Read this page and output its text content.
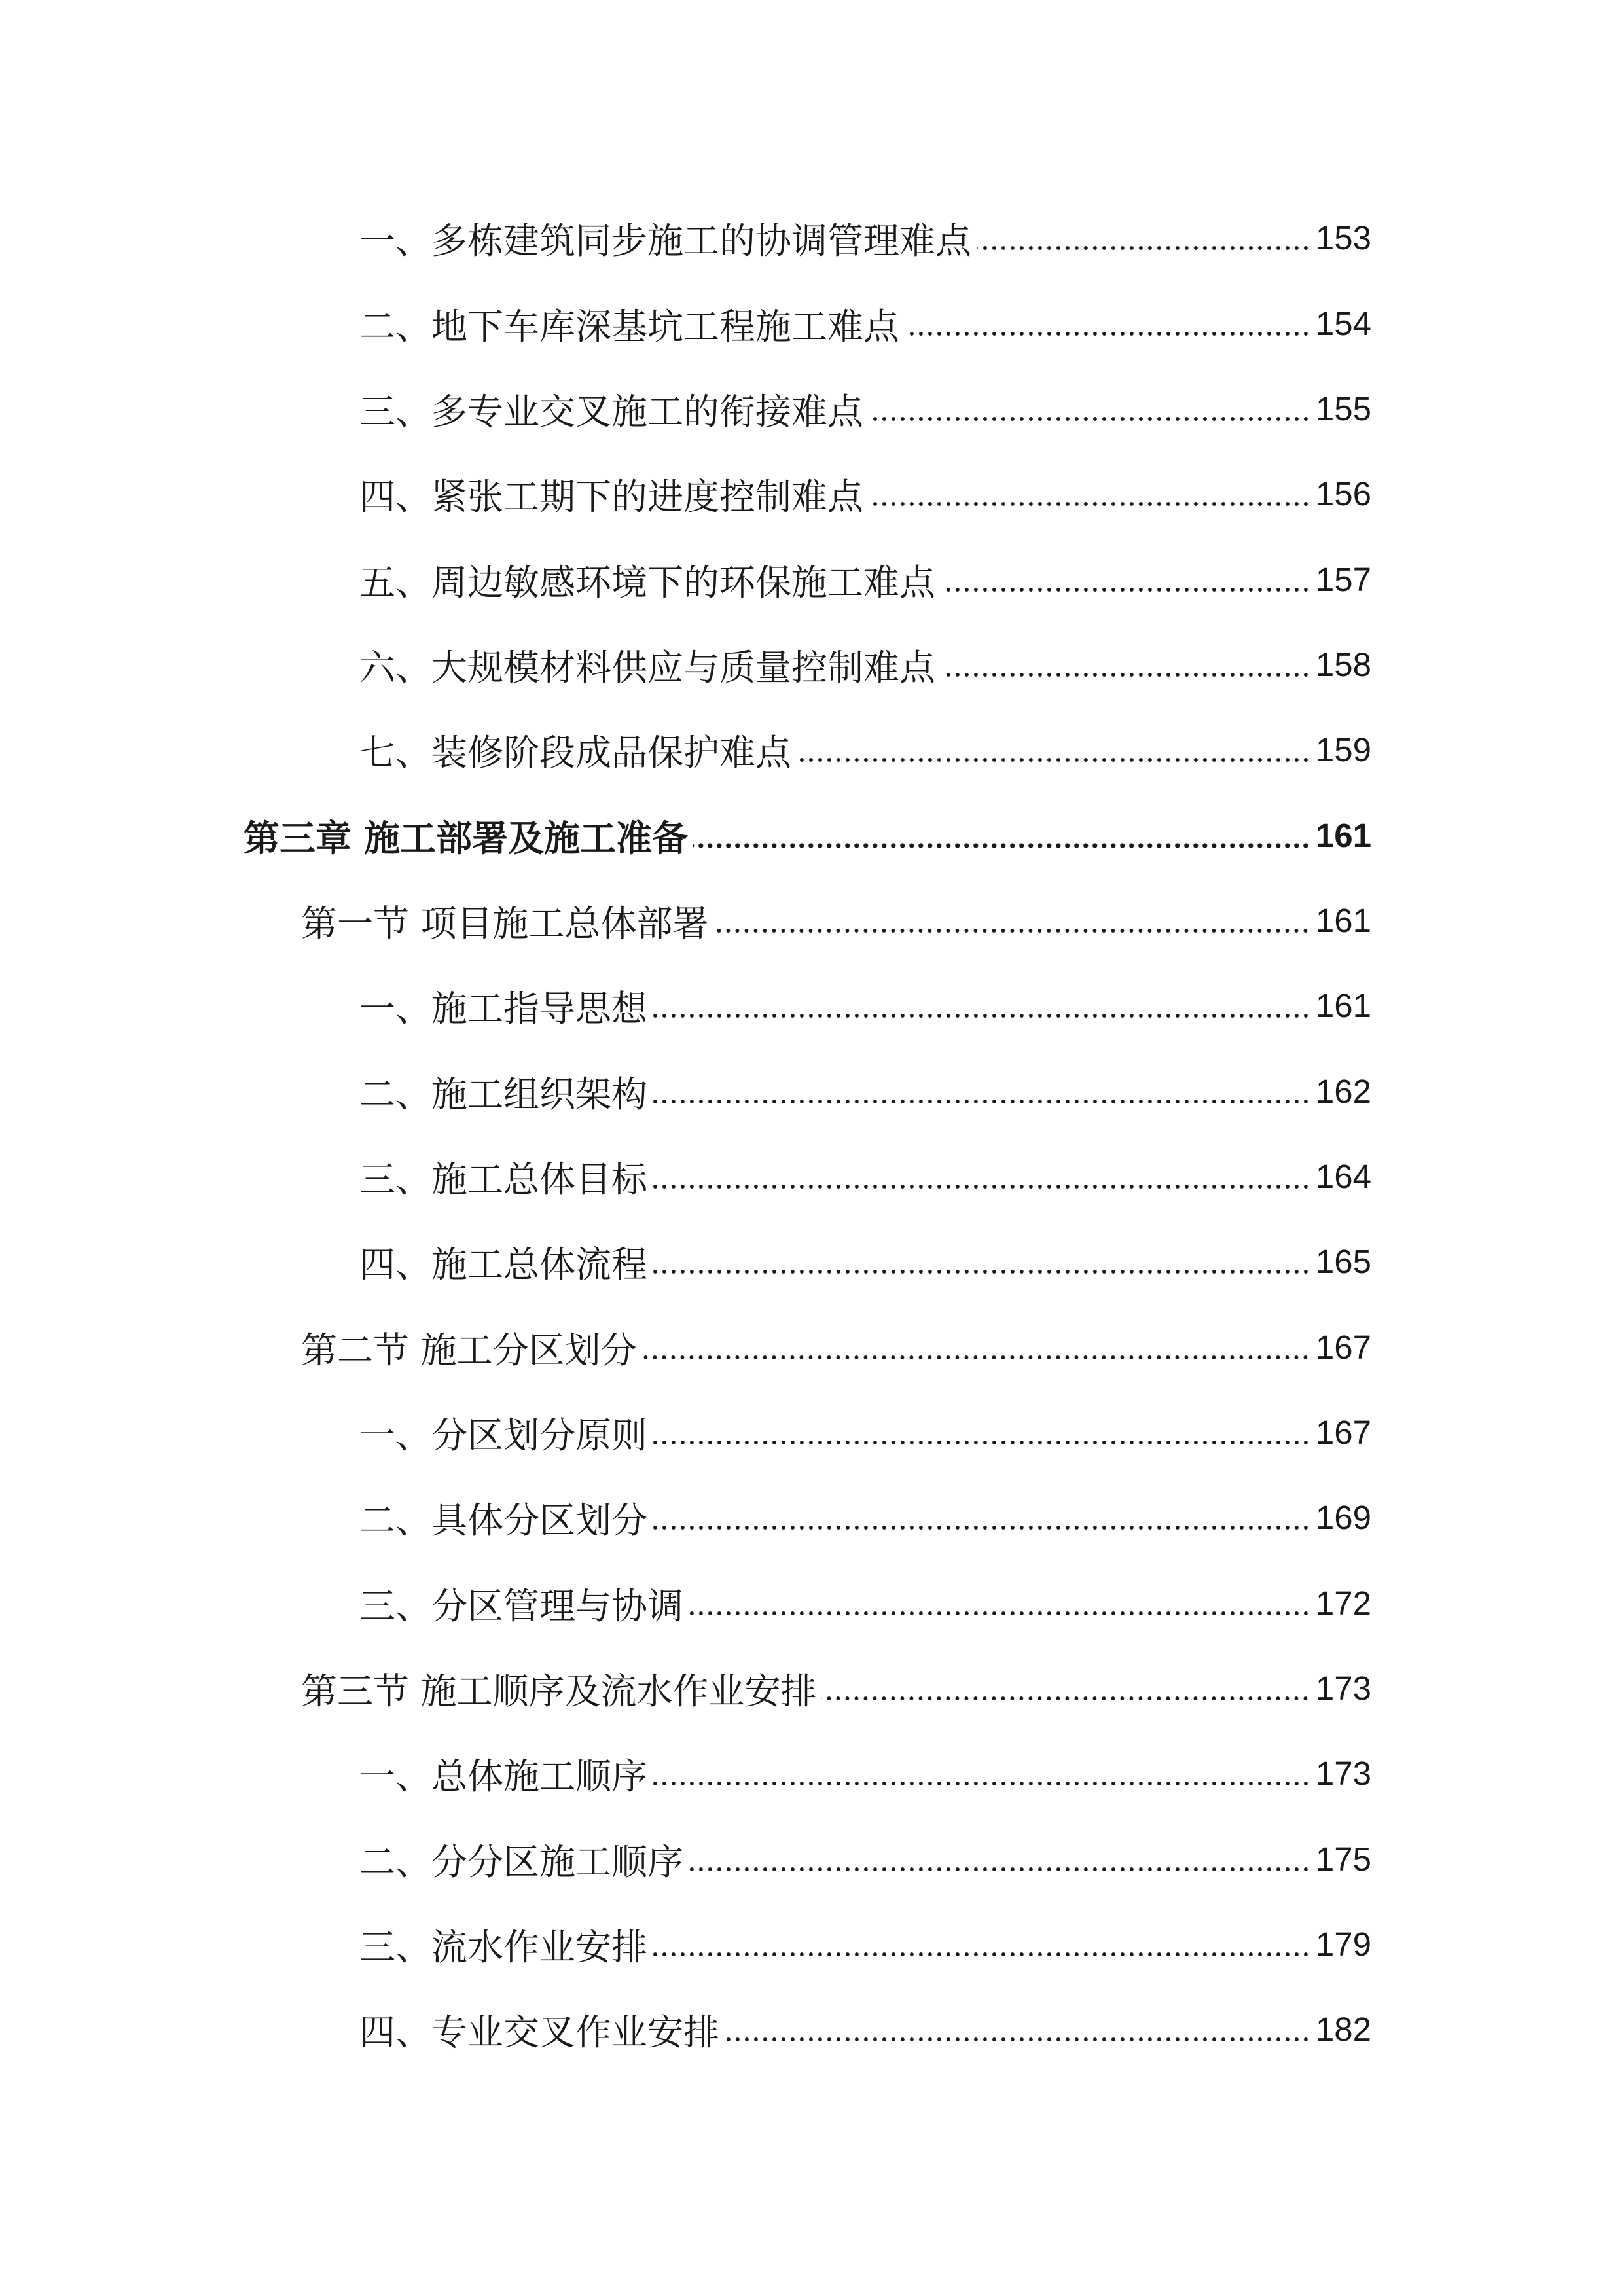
一、多栋建筑同步施工的协调管理难点	153
二、地下车库深基坑工程施工难点	154
三、多专业交叉施工的衔接难点	155
四、紧张工期下的进度控制难点	156
五、周边敏感环境下的环保施工难点	157
六、大规模材料供应与质量控制难点	158
七、装修阶段成品保护难点	159
第三章 施工部署及施工准备	161
第一节 项目施工总体部署	161
一、施工指导思想	161
二、施工组织架构	162
三、施工总体目标	164
四、施工总体流程	165
第二节 施工分区划分	167
一、分区划分原则	167
二、具体分区划分	169
三、分区管理与协调	172
第三节 施工顺序及流水作业安排	173
一、总体施工顺序	173
二、分分区施工顺序	175
三、流水作业安排	179
四、专业交叉作业安排	182
